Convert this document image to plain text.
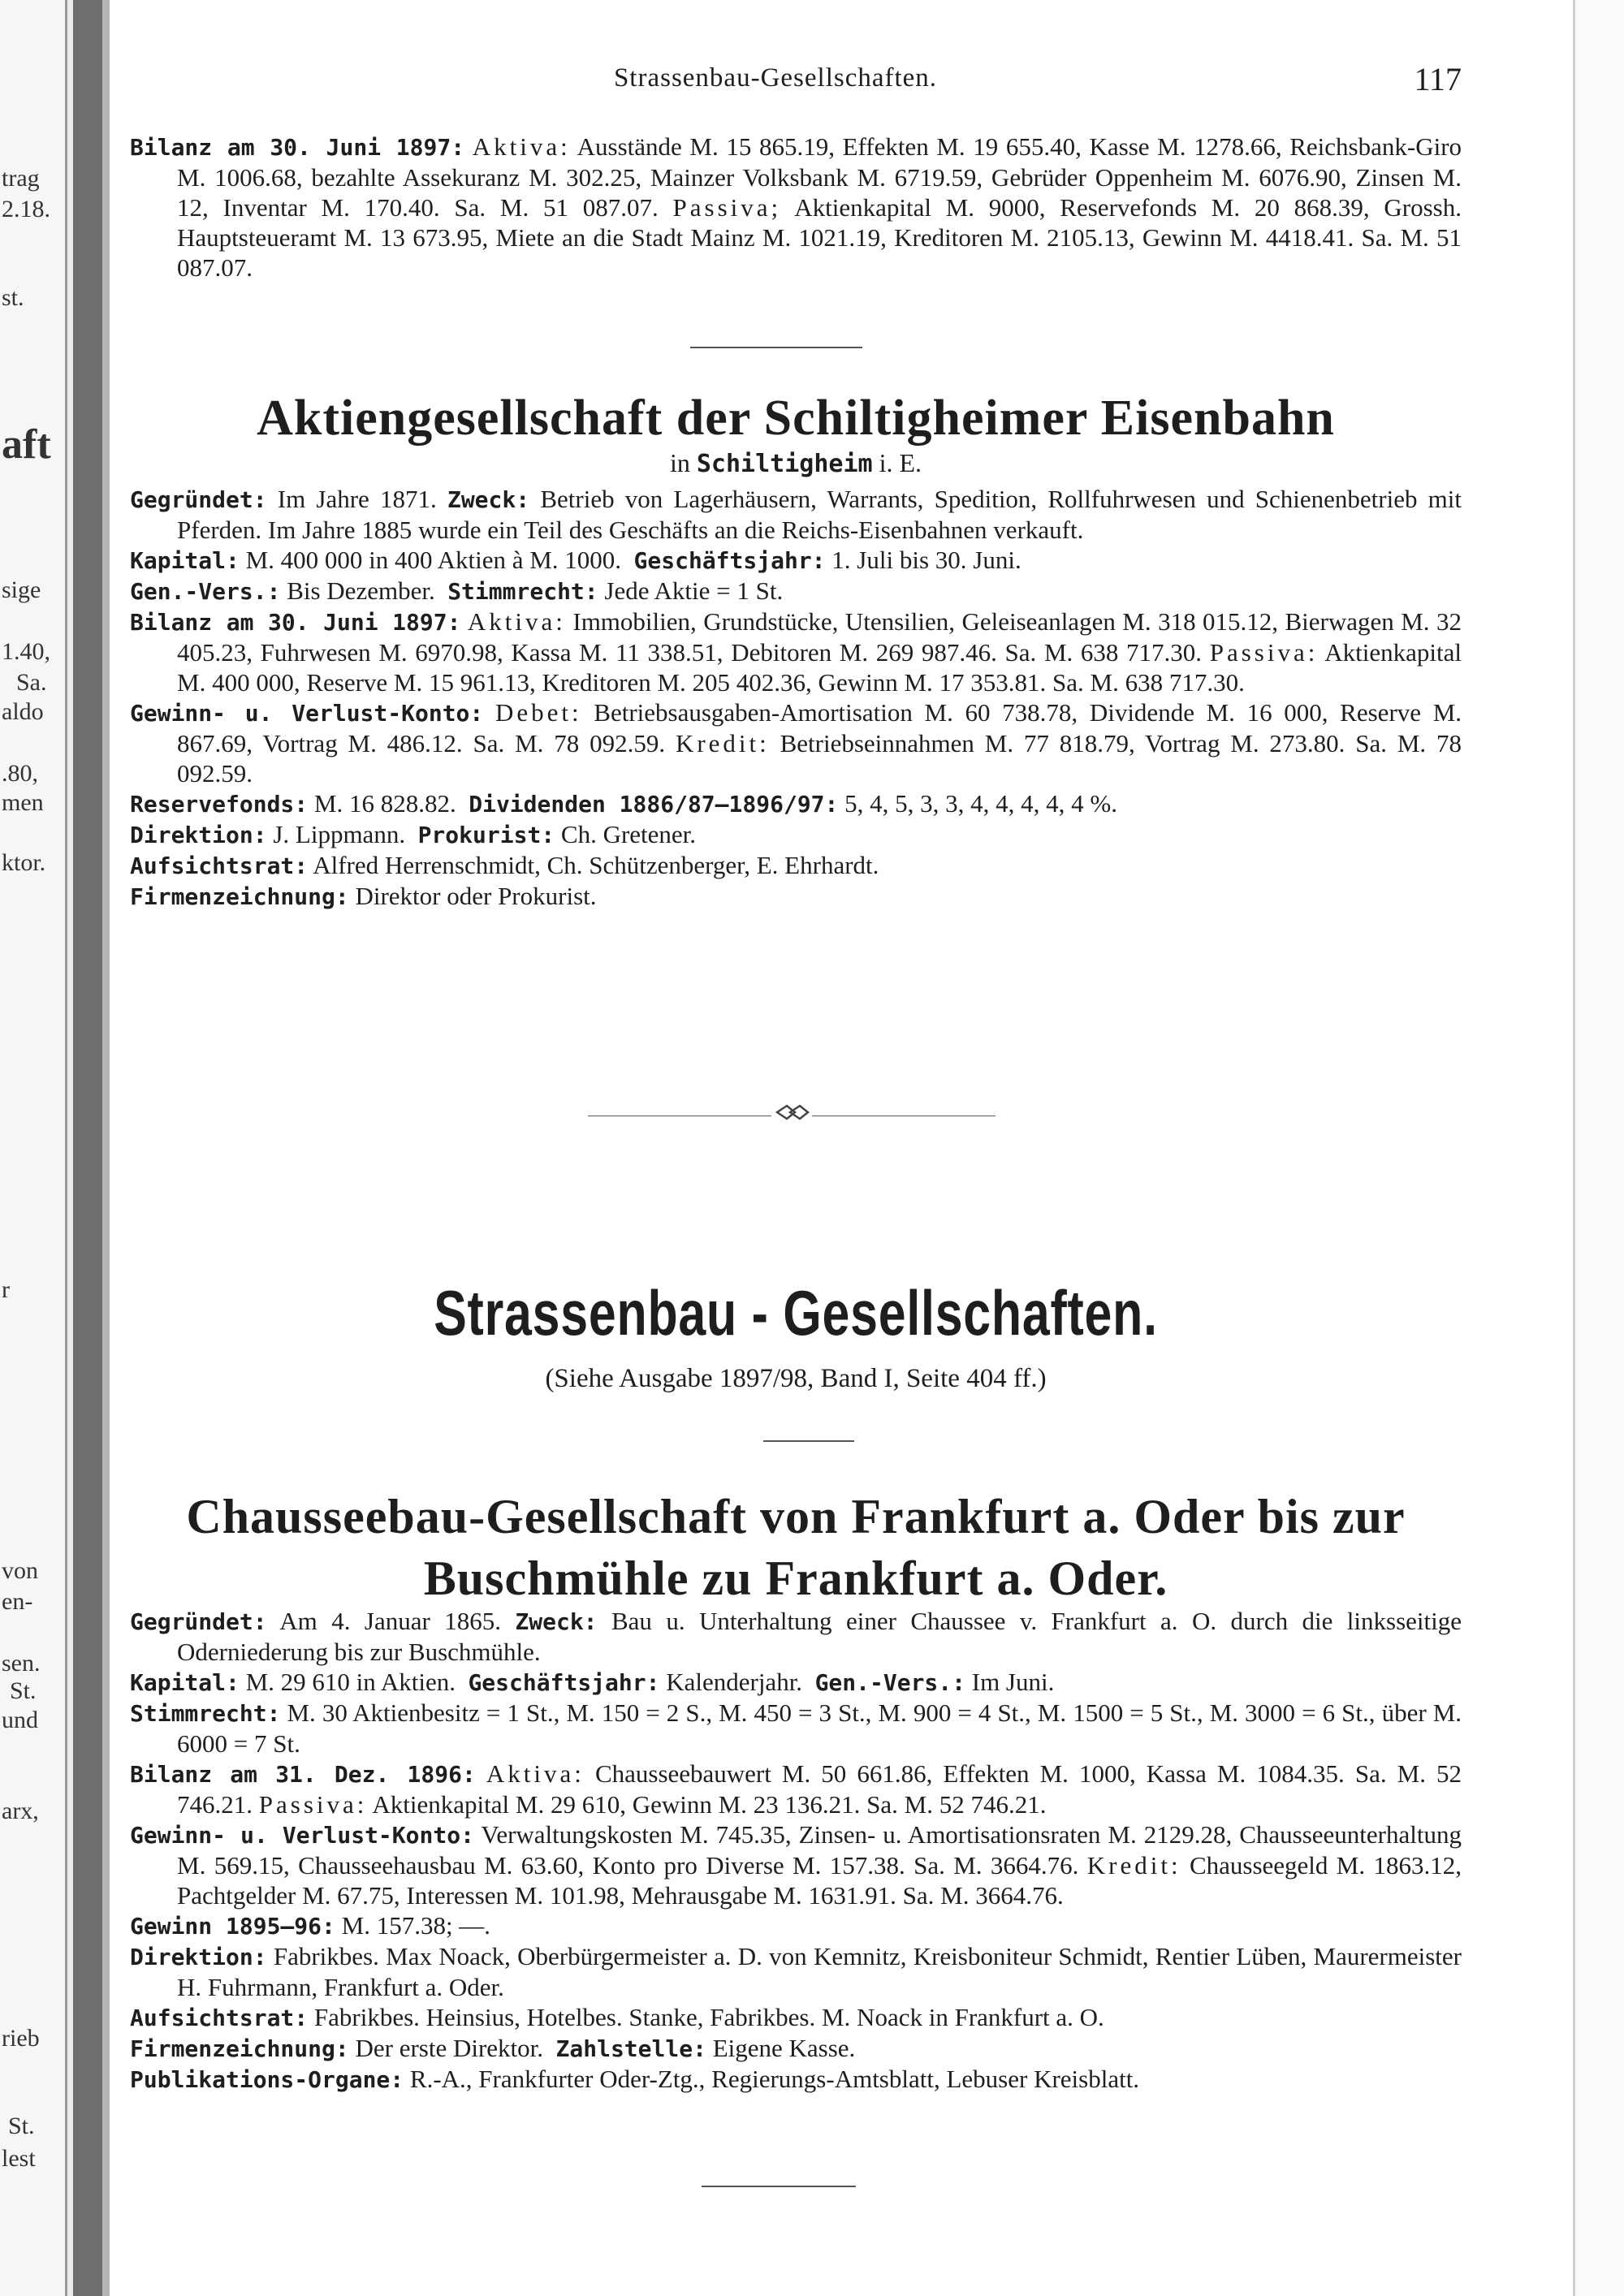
trag
2.18.
st.
aft
sige
1.40,
Sa.
aldo
.80,
men
ktor.
r
von
en-
sen.
St.
und
arx,
rieb
St.
lest
Strassenbau-Gesellschaften.	117

Bilanz am 30. Juni 1897: Aktiva: Ausstände M. 15 865.19, Effekten M. 19 655.40, Kasse M. 1278.66, Reichsbank-Giro M. 1006.68, bezahlte Assekuranz M. 302.25, Mainzer Volksbank M. 6719.59, Gebrüder Oppenheim M. 6076.90, Zinsen M. 12, Inventar M. 170.40. Sa. M. 51 087.07. Passiva; Aktienkapital M. 9000, Reservefonds M. 20 868.39, Grossh. Hauptsteueramt M. 13 673.95, Miete an die Stadt Mainz M. 1021.19, Kreditoren M. 2105.13, Gewinn M. 4418.41. Sa. M. 51 087.07.

Aktiengesellschaft der Schiltigheimer Eisenbahn
in Schiltigheim i. E.

Gegründet: Im Jahre 1871. Zweck: Betrieb von Lagerhäusern, Warrants, Spedition, Rollfuhrwesen und Schienenbetrieb mit Pferden. Im Jahre 1885 wurde ein Teil des Geschäfts an die Reichs-Eisenbahnen verkauft.

Kapital: M. 400 000 in 400 Aktien à M. 1000. Geschäftsjahr: 1. Juli bis 30. Juni.

Gen.-Vers.: Bis Dezember. Stimmrecht: Jede Aktie = 1 St.

Bilanz am 30. Juni 1897: Aktiva: Immobilien, Grundstücke, Utensilien, Geleiseanlagen M. 318 015.12, Bierwagen M. 32 405.23, Fuhrwesen M. 6970.98, Kassa M. 11 338.51, Debitoren M. 269 987.46. Sa. M. 638 717.30. Passiva: Aktienkapital M. 400 000, Reserve M. 15 961.13, Kreditoren M. 205 402.36, Gewinn M. 17 353.81. Sa. M. 638 717.30.

Gewinn- u. Verlust-Konto: Debet: Betriebsausgaben-Amortisation M. 60 738.78, Dividende M. 16 000, Reserve M. 867.69, Vortrag M. 486.12. Sa. M. 78 092.59. Kredit: Betriebseinnahmen M. 77 818.79, Vortrag M. 273.80. Sa. M. 78 092.59.

Reservefonds: M. 16 828.82. Dividenden 1886/87—1896/97: 5, 4, 5, 3, 3, 4, 4, 4, 4, 4 %.

Direktion: J. Lippmann. Prokurist: Ch. Gretener.

Aufsichtsrat: Alfred Herrenschmidt, Ch. Schützenberger, E. Ehrhardt.

Firmenzeichnung: Direktor oder Prokurist.

Strassenbau - Gesellschaften.
(Siehe Ausgabe 1897/98, Band I, Seite 404 ff.)
Chausseebau-Gesellschaft von Frankfurt a. Oder bis zur
Buschmühle zu Frankfurt a. Oder.

Gegründet: Am 4. Januar 1865. Zweck: Bau u. Unterhaltung einer Chaussee v. Frankfurt a. O. durch die linksseitige Oderniederung bis zur Buschmühle.

Kapital: M. 29 610 in Aktien. Geschäftsjahr: Kalenderjahr. Gen.-Vers.: Im Juni.

Stimmrecht: M. 30 Aktienbesitz = 1 St., M. 150 = 2 S., M. 450 = 3 St., M. 900 = 4 St., M. 1500 = 5 St., M. 3000 = 6 St., über M. 6000 = 7 St.

Bilanz am 31. Dez. 1896: Aktiva: Chausseebauwert M. 50 661.86, Effekten M. 1000, Kassa M. 1084.35. Sa. M. 52 746.21. Passiva: Aktienkapital M. 29 610, Gewinn M. 23 136.21. Sa. M. 52 746.21.

Gewinn- u. Verlust-Konto: Verwaltungskosten M. 745.35, Zinsen- u. Amortisationsraten M. 2129.28, Chausseeunterhaltung M. 569.15, Chausseehausbau M. 63.60, Konto pro Diverse M. 157.38. Sa. M. 3664.76. Kredit: Chausseegeld M. 1863.12, Pachtgelder M. 67.75, Interessen M. 101.98, Mehrausgabe M. 1631.91. Sa. M. 3664.76.

Gewinn 1895—96: M. 157.38; —.

Direktion: Fabrikbes. Max Noack, Oberbürgermeister a. D. von Kemnitz, Kreisboniteur Schmidt, Rentier Lüben, Maurermeister H. Fuhrmann, Frankfurt a. Oder.

Aufsichtsrat: Fabrikbes. Heinsius, Hotelbes. Stanke, Fabrikbes. M. Noack in Frankfurt a. O.

Firmenzeichnung: Der erste Direktor. Zahlstelle: Eigene Kasse.

Publikations-Organe: R.-A., Frankfurter Oder-Ztg., Regierungs-Amtsblatt, Lebuser Kreisblatt.
